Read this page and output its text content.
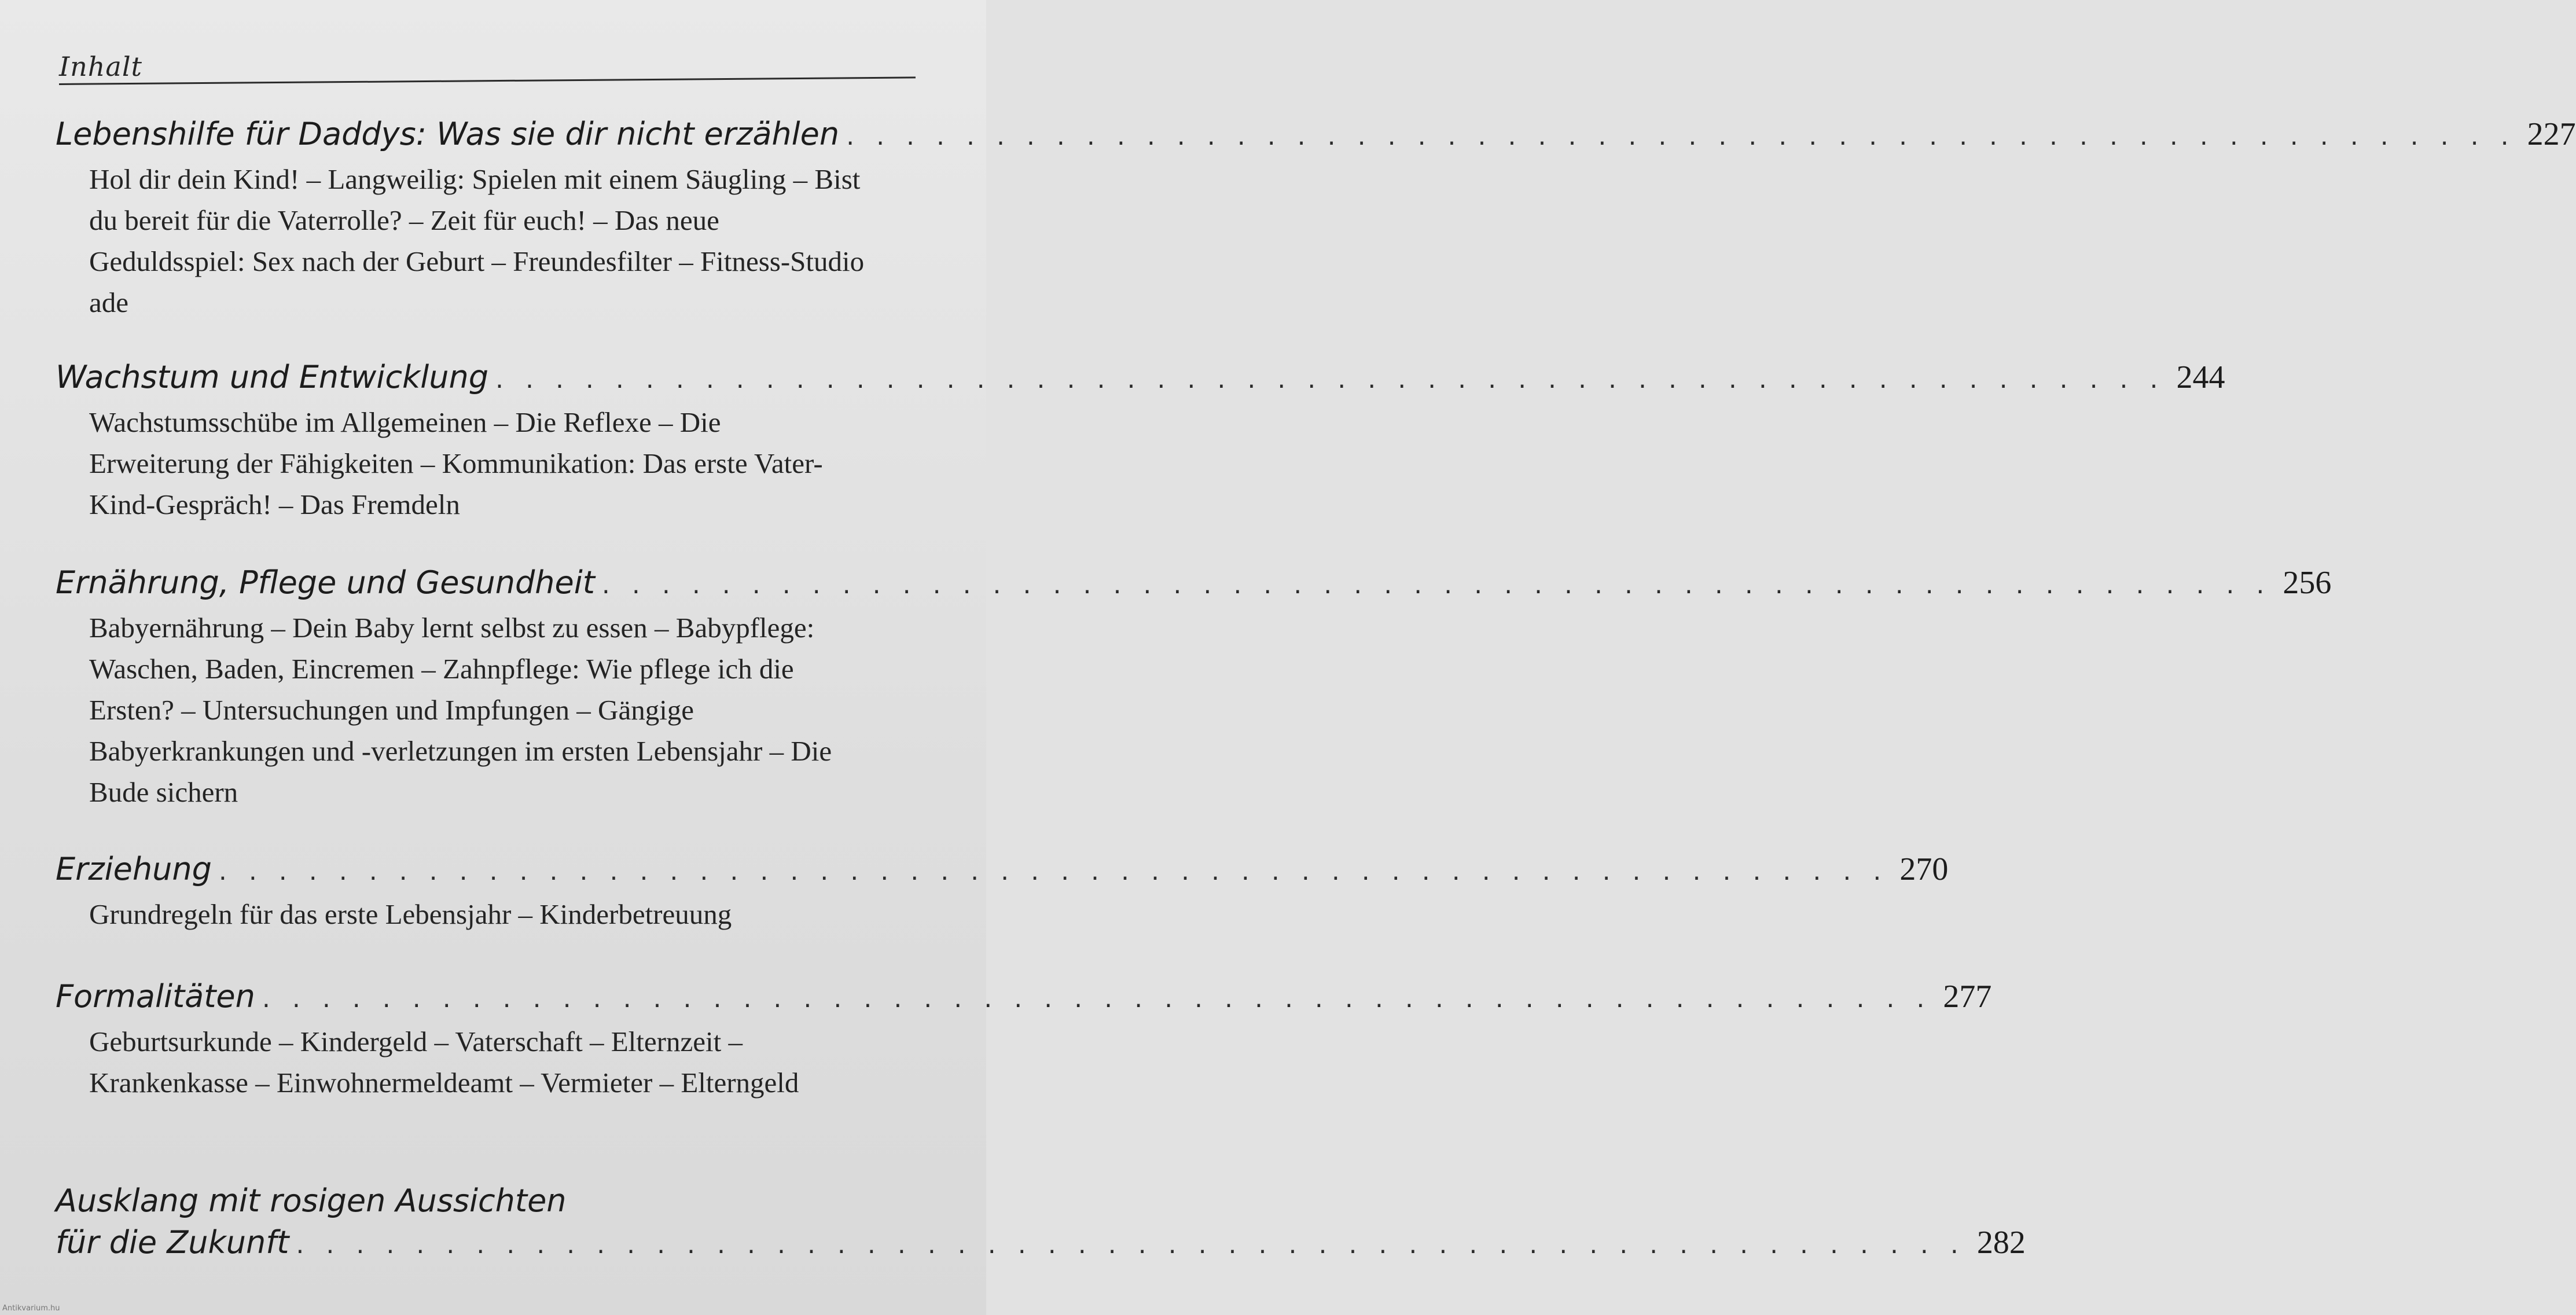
Inhalt
Lebenshilfe für Daddys: Was sie dir nicht erzählen . . . . . . . . . . . . . . . . . . . . . . . . . . . . . . . . . . . . . . . . . . . . . . . . . . . . . . . . 227
Hol dir dein Kind! – Langweilig: Spielen mit einem Säugling – Bist du bereit für die Vaterrolle? – Zeit für euch! – Das neue Geduldsspiel: Sex nach der Geburt – Freundesfilter – Fitness-Studio ade
Wachstum und Entwicklung . . . . . . . . . . . . . . . . . . . . . . . . . . . . . . . . . . . . . . . . . . . . . . . . . . . . . . . . 244
Wachstumsschübe im Allgemeinen – Die Reflexe – Die Erweiterung der Fähigkeiten – Kommunikation: Das erste Vater-Kind-Gespräch! – Das Fremdeln
Ernährung, Pflege und Gesundheit . . . . . . . . . . . . . . . . . . . . . . . . . . . . . . . . . . . . . . . . . . . . . . . . . . . . . . . . 256
Babyernährung – Dein Baby lernt selbst zu essen – Babypflege: Waschen, Baden, Eincremen – Zahnpflege: Wie pflege ich die Ersten? – Untersuchungen und Impfungen – Gängige Babyerkrankungen und -verletzungen im ersten Lebensjahr – Die Bude sichern
Erziehung . . . . . . . . . . . . . . . . . . . . . . . . . . . . . . . . . . . . . . . . . . . . . . . . . . . . . . . . 270
Grundregeln für das erste Lebensjahr – Kinderbetreuung
Formalitäten . . . . . . . . . . . . . . . . . . . . . . . . . . . . . . . . . . . . . . . . . . . . . . . . . . . . . . . . 277
Geburtsurkunde – Kindergeld – Vaterschaft – Elternzeit – Krankenkasse – Einwohnermeldeamt – Vermieter – Elterngeld
Ausklang mit rosigen Aussichten
für die Zukunft . . . . . . . . . . . . . . . . . . . . . . . . . . . . . . . . . . . . . . . . . . . . . . . . . . . . . . . . 282
Antikvarium.hu
